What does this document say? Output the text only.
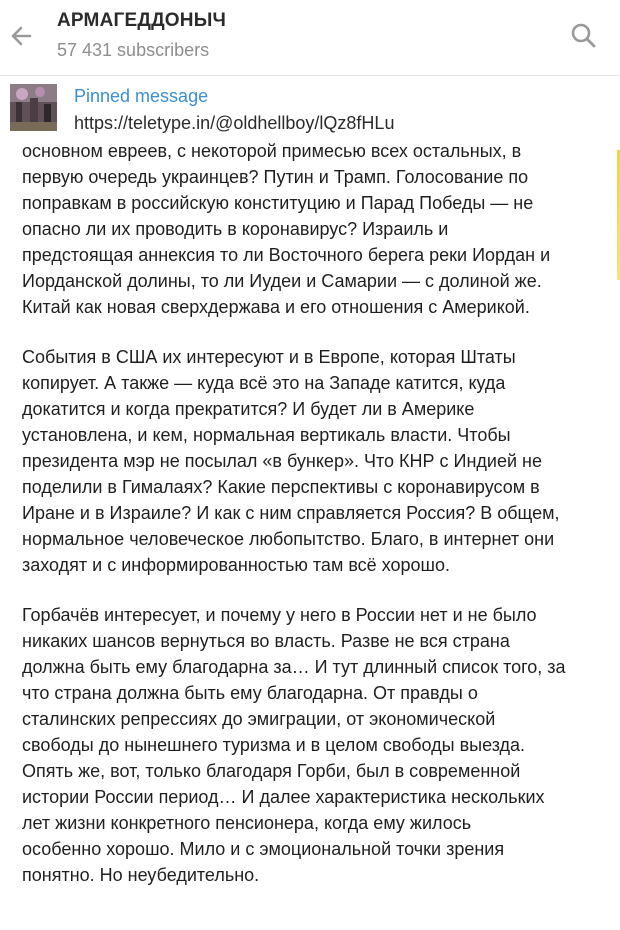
АРМАГЕДДОНЫЧ
57 431 subscribers
Pinned message
https://teletype.in/@oldhellboy/lQz8fHLu

основном евреев, с некоторой примесью всех остальных, в
первую очередь украинцев? Путин и Трамп. Голосование по
поправкам в российскую конституцию и Парад Победы — не
опасно ли их проводить в коронавирус? Израиль и
предстоящая аннексия то ли Восточного берега реки Иордан и
Иорданской долины, то ли Иудеи и Самарии — с долиной же.
Китай как новая сверхдержава и его отношения с Америкой.

События в США их интересуют и в Европе, которая Штаты
копирует. А также — куда всё это на Западе катится, куда
докатится и когда прекратится? И будет ли в Америке
установлена, и кем, нормальная вертикаль власти. Чтобы
президента мэр не посылал «в бункер». Что КНР с Индией не
поделили в Гималаях? Какие перспективы с коронавирусом в
Иране и в Израиле? И как с ним справляется Россия? В общем,
нормальное человеческое любопытство. Благо, в интернет они
заходят и с информированностью там всё хорошо.

Горбачёв интересует, и почему у него в России нет и не было
никаких шансов вернуться во власть. Разве не вся страна
должна быть ему благодарна за… И тут длинный список того, за
что страна должна быть ему благодарна. От правды о
сталинских репрессиях до эмиграции, от экономической
свободы до нынешнего туризма и в целом свободы выезда.
Опять же, вот, только благодаря Горби, был в современной
истории России период… И далее характеристика нескольких
лет жизни конкретного пенсионера, когда ему жилось
особенно хорошо. Мило и с эмоциональной точки зрения
понятно. Но неубедительно.
